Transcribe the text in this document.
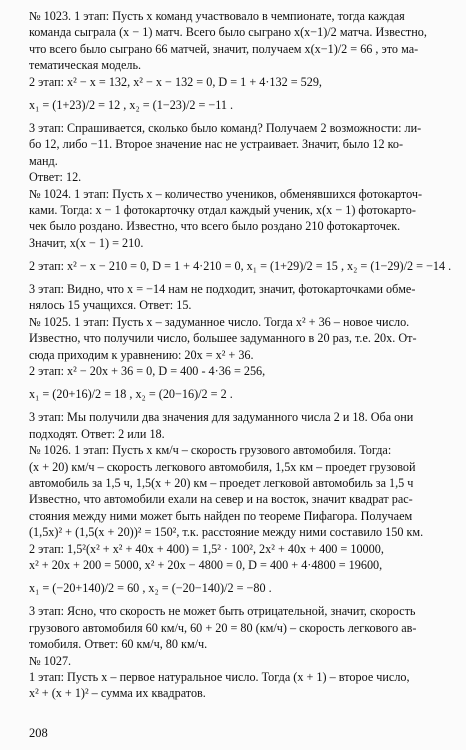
№ 1023. 1 этап: Пусть x команд участвовало в чемпионате, тогда каждая
команда сыграла (x − 1) матч. Всего было сыграно x(x−1)/2 матча. Известно,
что всего было сыграно 66 матчей, значит, получаем x(x−1)/2 = 66 , это ма-
тематическая модель.
2 этап: x² − x = 132, x² − x − 132 = 0, D = 1 + 4·132 = 529,
x₁ = (1+23)/2 = 12 , x₂ = (1−23)/2 = −11 .
3 этап: Спрашивается, сколько было команд? Получаем 2 возможности: ли-
бо 12, либо −11. Второе значение нас не устраивает. Значит, было 12 ко-
манд.
Ответ: 12.
№ 1024. 1 этап: Пусть x – количество учеников, обменявшихся фотокарточ-
ками. Тогда: x − 1 фотокарточку отдал каждый ученик, x(x − 1) фотокарто-
чек было роздано. Известно, что всего было роздано 210 фотокарточек.
Значит, x(x − 1) = 210.
2 этап: x² − x − 210 = 0, D = 1 + 4·210 = 0, x₁ = (1+29)/2 = 15 , x₂ = (1−29)/2 = −14 .
3 этап: Видно, что x = −14 нам не подходит, значит, фотокарточками обме-
нялось 15 учащихся. Ответ: 15.
№ 1025. 1 этап: Пусть x – задуманное число. Тогда x² + 36 – новое число.
Известно, что получили число, большее задуманного в 20 раз, т.е. 20x. От-
сюда приходим к уравнению: 20x = x² + 36.
2 этап: x² − 20x + 36 = 0, D = 400 - 4·36 = 256,
x₁ = (20+16)/2 = 18 , x₂ = (20−16)/2 = 2 .
3 этап: Мы получили два значения для задуманного числа 2 и 18. Оба они
подходят. Ответ: 2 или 18.
№ 1026. 1 этап: Пусть x км/ч – скорость грузового автомобиля. Тогда:
(x + 20) км/ч – скорость легкового автомобиля, 1,5x км – проедет грузовой
автомобиль за 1,5 ч, 1,5(x + 20) км – проедет легковой автомобиль за 1,5 ч
Известно, что автомобили ехали на север и на восток, значит квадрат рас-
стояния между ними может быть найден по теореме Пифагора. Получаем
(1,5x)² + (1,5(x + 20))² = 150², т.к. расстояние между ними составило 150 км.
2 этап: 1,5²(x² + x² + 40x + 400) = 1,5² · 100², 2x² + 40x + 400 = 10000,
x² + 20x + 200 = 5000, x² + 20x − 4800 = 0, D = 400 + 4·4800 = 19600,
x₁ = (−20+140)/2 = 60 , x₂ = (−20−140)/2 = −80 .
3 этап: Ясно, что скорость не может быть отрицательной, значит, скорость
грузового автомобиля 60 км/ч, 60 + 20 = 80 (км/ч) – скорость легкового ав-
томобиля. Ответ: 60 км/ч, 80 км/ч.
№ 1027.
1 этап: Пусть x – первое натуральное число. Тогда (x + 1) – второе число,
x² + (x + 1)² – сумма их квадратов.
208
